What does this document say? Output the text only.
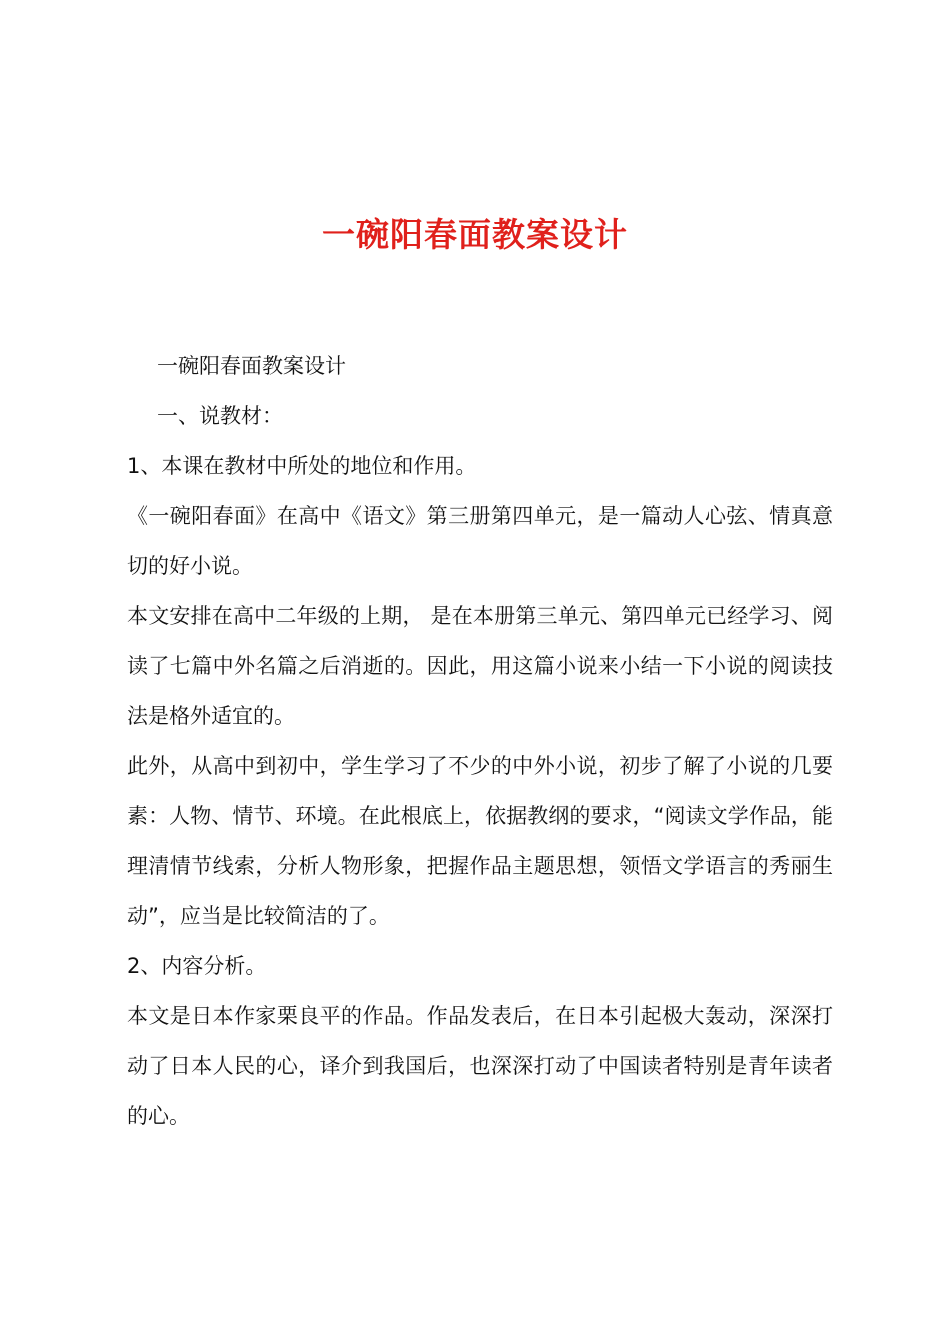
一碗阳春面教案设计

一碗阳春面教案设计

一、说教材：

1、本课在教材中所处的地位和作用。

《一碗阳春面》在高中《语文》第三册第四单元，是一篇动人心弦、情真意切的好小说。

本文安排在高中二年级的上期， 是在本册第三单元、第四单元已经学习、阅读了七篇中外名篇之后消逝的。因此，用这篇小说来小结一下小说的阅读技法是格外适宜的。

此外，从高中到初中，学生学习了不少的中外小说，初步了解了小说的几要素：人物、情节、环境。在此根底上，依据教纲的要求，“阅读文学作品，能理清情节线索，分析人物形象，把握作品主题思想，领悟文学语言的秀丽生动”，应当是比较简洁的了。

2、内容分析。

本文是日本作家栗良平的作品。作品发表后，在日本引起极大轰动，深深打动了日本人民的心，译介到我国后，也深深打动了中国读者特别是青年读者的心。
